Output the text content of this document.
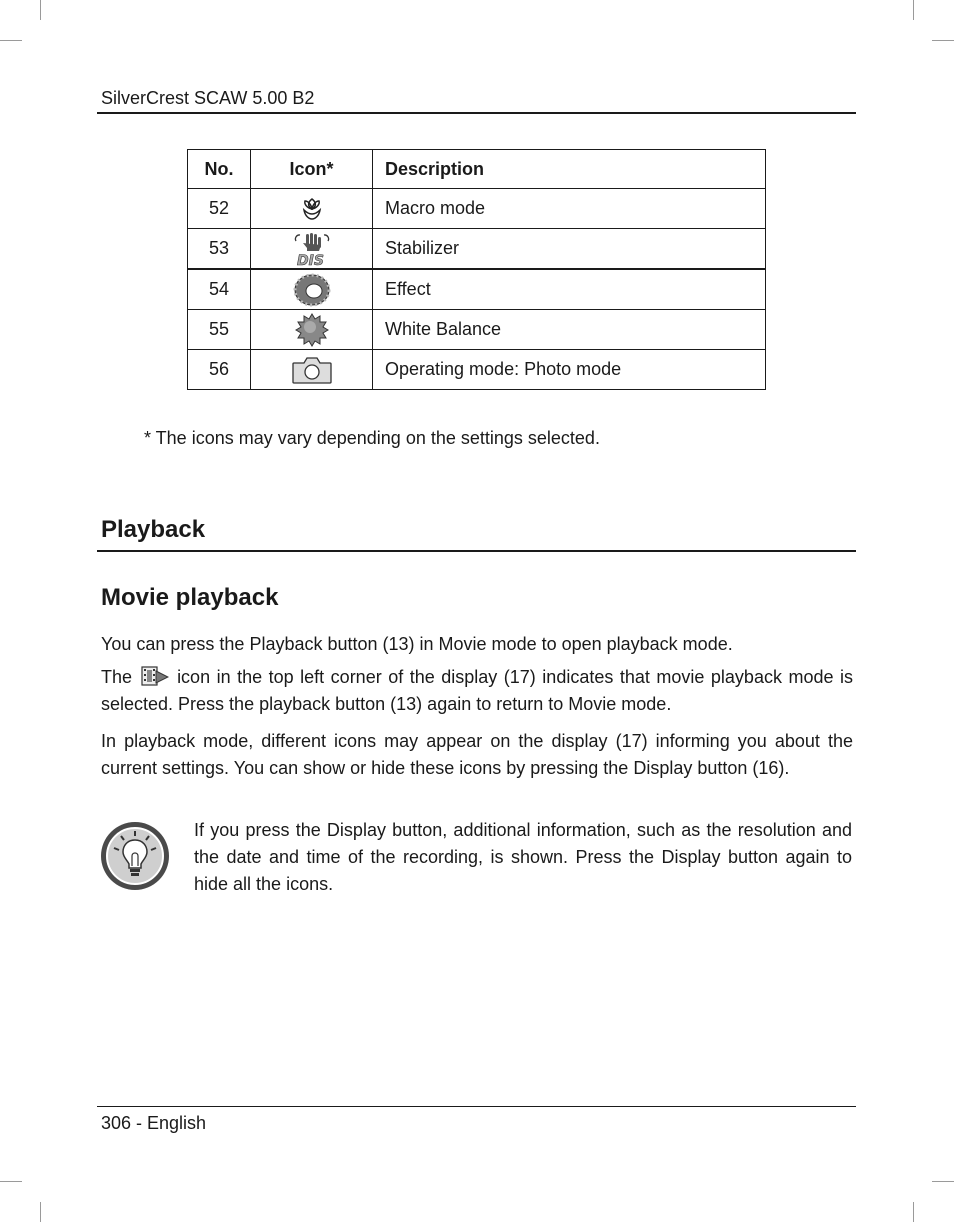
SilverCrest SCAW 5.00 B2
No.	Icon*	Description
52		Macro mode
53	DIS	Stabilizer
54		Effect
55		White Balance
56		Operating mode: Photo mode
* The icons may vary depending on the settings selected.
Playback
Movie playback

You can press the Playback button (13) in Movie mode to open playback mode.

The	icon in the top left corner of the display (17) indicates that movie playback mode is selected. Press the playback button (13) again to return to Movie mode.

In playback mode, different icons may appear on the display (17) informing you about the current settings. You can show or hide these icons by pressing the Display button (16).

If you press the Display button, additional information, such as the resolution and the date and time of the recording, is shown. Press the Display button again to hide all the icons.

306 - English
